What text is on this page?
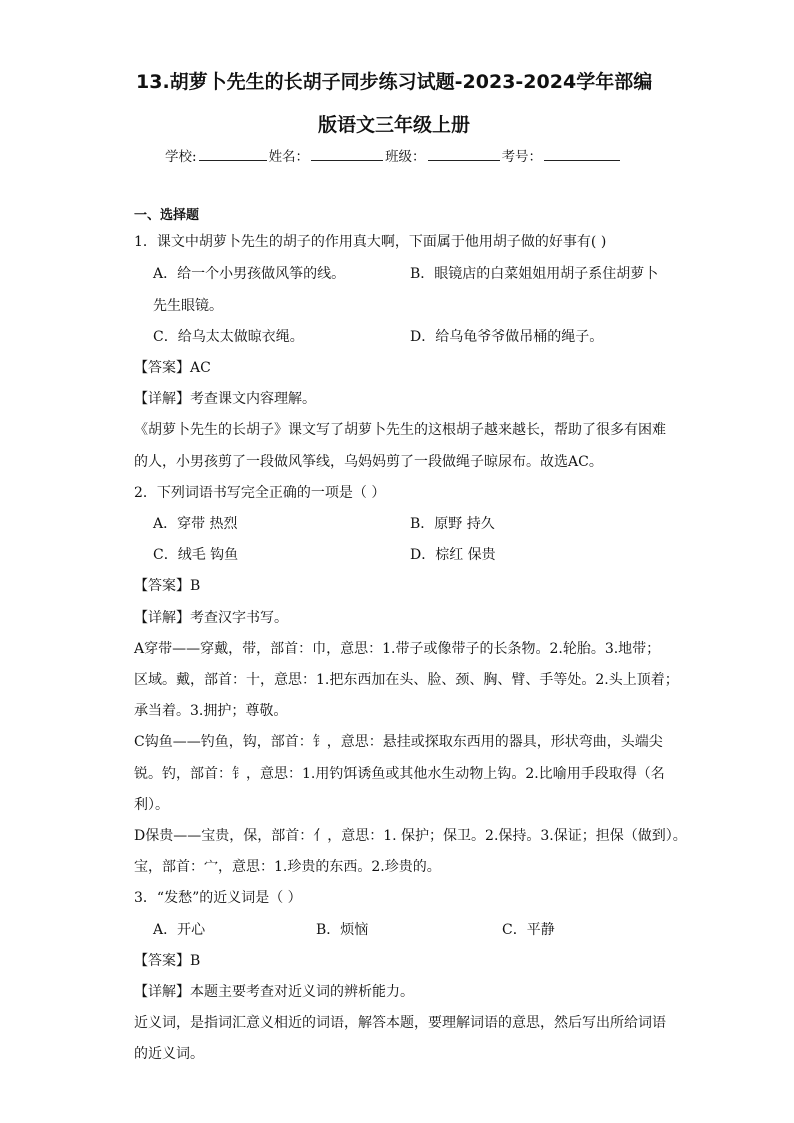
13.胡萝卜先生的长胡子同步练习试题-2023-2024学年部编
版语文三年级上册
学校:	姓名：	班级：	考号：
一、选择题
1．课文中胡萝卜先生的胡子的作用真大啊，下面属于他用胡子做的好事有( )
A．给一个小男孩做风筝的线。	B．眼镜店的白菜姐姐用胡子系住胡萝卜
先生眼镜。
C．给乌太太做晾衣绳。	D．给乌龟爷爷做吊桶的绳子。
【答案】AC
【详解】考查课文内容理解。
《胡萝卜先生的长胡子》课文写了胡萝卜先生的这根胡子越来越长，帮助了很多有困难
的人，小男孩剪了一段做风筝线，乌妈妈剪了一段做绳子晾尿布。故选AC。
2．下列词语书写完全正确的一项是（ ）
A．穿带 热烈	B．原野 持久
C．绒毛 钩鱼	D．棕红 保贵
【答案】B
【详解】考查汉字书写。
A穿带——穿戴，带，部首：巾，意思：1.带子或像带子的长条物。2.轮胎。3.地带；
区域。戴，部首：十，意思：1.把东西加在头、脸、颈、胸、臂、手等处。2.头上顶着；
承当着。3.拥护；尊敬。
C钩鱼——钓鱼，钩，部首：钅，意思：悬挂或探取东西用的器具，形状弯曲，头端尖
锐。钓，部首：钅，意思：1.用钓饵诱鱼或其他水生动物上钩。2.比喻用手段取得（名
利）。
D保贵——宝贵，保，部首：亻，意思：1. 保护；保卫。2.保持。3.保证；担保（做到）。
宝，部首：宀，意思：1.珍贵的东西。2.珍贵的。
3．“发愁”的近义词是（ ）
A．开心	B．烦恼	C．平静
【答案】B
【详解】本题主要考查对近义词的辨析能力。
近义词，是指词汇意义相近的词语，解答本题，要理解词语的意思，然后写出所给词语
的近义词。
